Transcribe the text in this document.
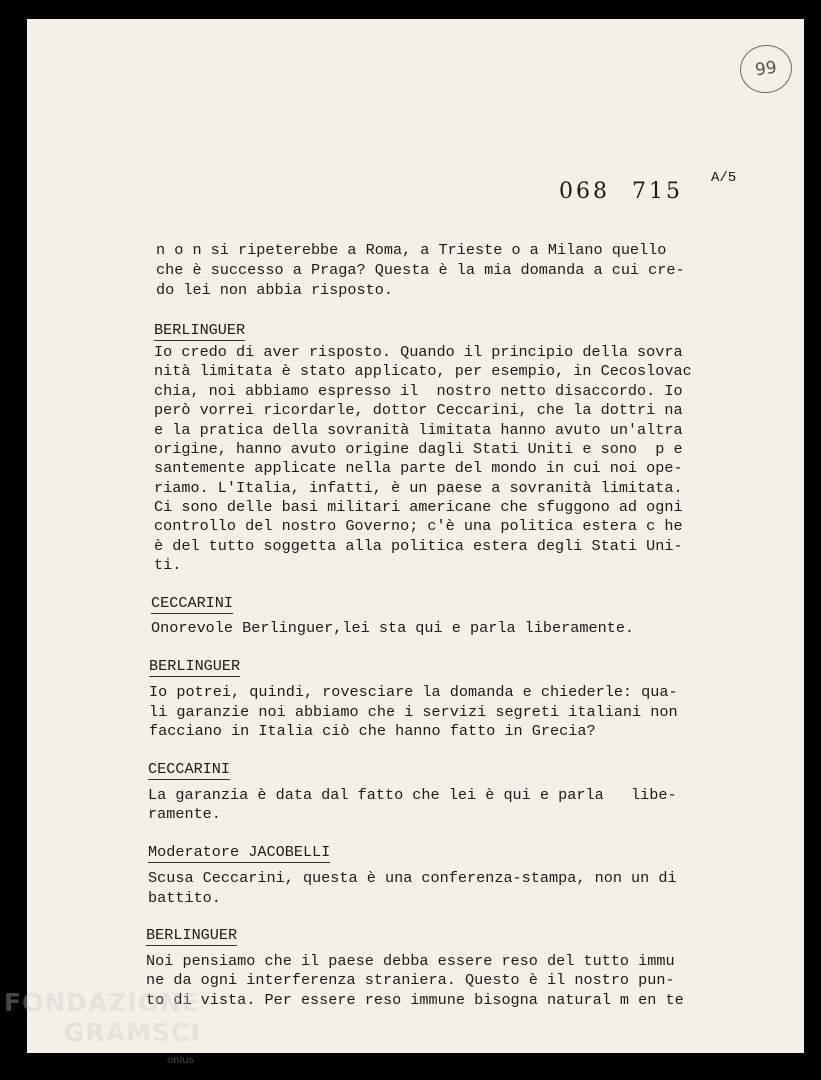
99
068 715
A/5
n o n si ripeterebbe a Roma, a Trieste o a Milano quello
che è successo a Praga? Questa è la mia domanda a cui cre-
do lei non abbia risposto.
BERLINGUER
Io credo di aver risposto. Quando il principio della sovra
nità limitata è stato applicato, per esempio, in Cecoslovac
chia, noi abbiamo espresso il  nostro netto disaccordo. Io
però vorrei ricordarle, dottor Ceccarini, che la dottri na
e la pratica della sovranità limitata hanno avuto un'altra
origine, hanno avuto origine dagli Stati Uniti e sono  p e
santemente applicate nella parte del mondo in cui noi ope-
riamo. L'Italia, infatti, è un paese a sovranità limitata.
Ci sono delle basi militari americane che sfuggono ad ogni
controllo del nostro Governo; c'è una politica estera c he
è del tutto soggetta alla politica estera degli Stati Uni-
ti.
CECCARINI
Onorevole Berlinguer,lei sta qui e parla liberamente.
BERLINGUER
Io potrei, quindi, rovesciare la domanda e chiederle: qua-
li garanzie noi abbiamo che i servizi segreti italiani non
facciano in Italia ciò che hanno fatto in Grecia?
CECCARINI
La garanzia è data dal fatto che lei è qui e parla   libe-
ramente.
Moderatore JACOBELLI
Scusa Ceccarini, questa è una conferenza-stampa, non un di
battito.
BERLINGUER
Noi pensiamo che il paese debba essere reso del tutto immu
ne da ogni interferenza straniera. Questo è il nostro pun-
to di vista. Per essere reso immune bisogna natural m en te
FONDAZIONE
GRAMSCI
onlus
